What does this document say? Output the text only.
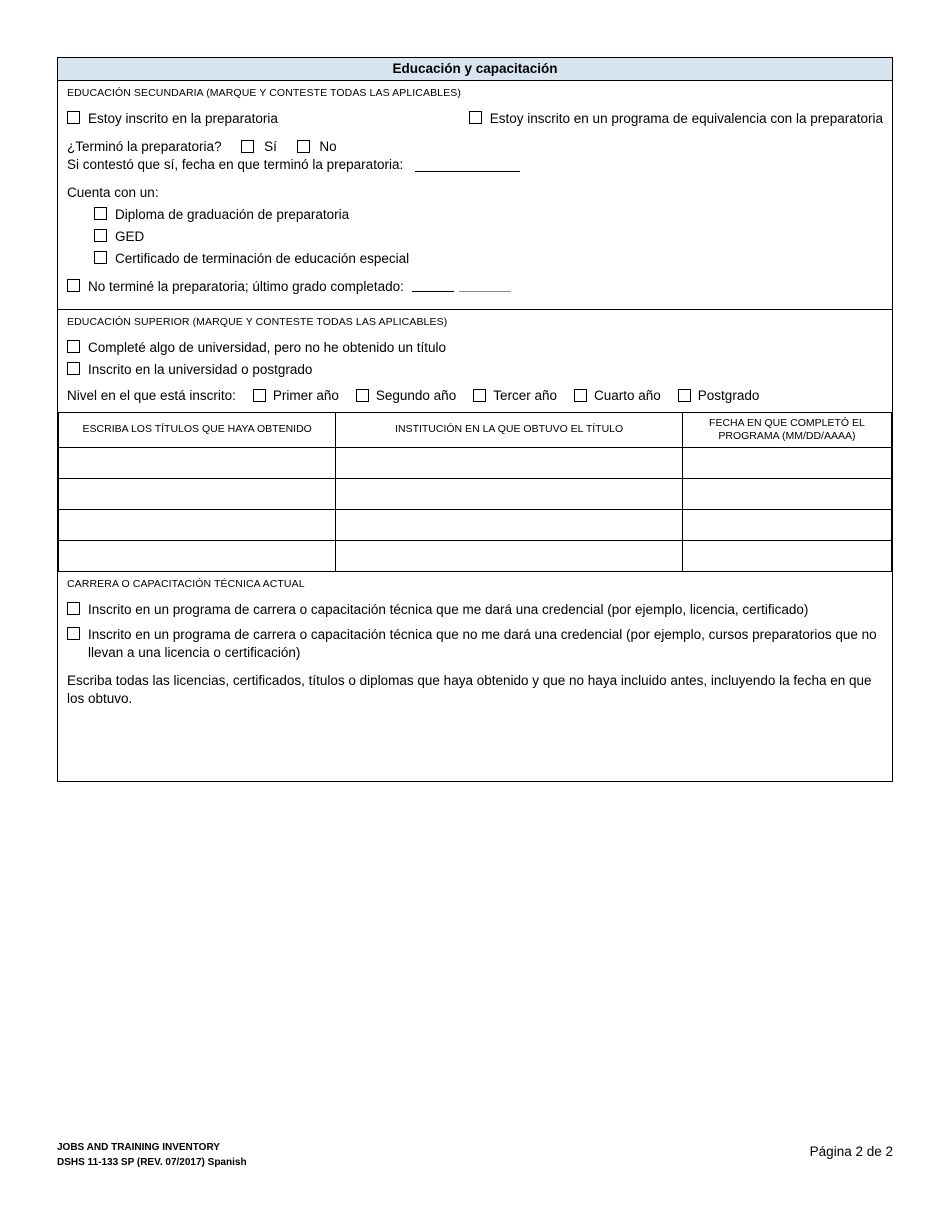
Educación y capacitación
EDUCACIÓN SECUNDARIA (MARQUE Y CONTESTE TODAS LAS APLICABLES)
Estoy inscrito en la preparatoria	Estoy inscrito en un programa de equivalencia con la preparatoria
¿Terminó la preparatoria?	Sí	No
Si contestó que sí, fecha en que terminó la preparatoria:
Cuenta con un:
Diploma de graduación de preparatoria
GED
Certificado de terminación de educación especial
No terminé la preparatoria; último grado completado:
EDUCACIÓN SUPERIOR (MARQUE Y CONTESTE TODAS LAS APLICABLES)
Completé algo de universidad, pero no he obtenido un título
Inscrito en la universidad o postgrado
Nivel en el que está inscrito:	Primer año	Segundo año	Tercer año	Cuarto año	Postgrado
ESCRIBA LOS TÍTULOS QUE HAYA OBTENIDO	INSTITUCIÓN EN LA QUE OBTUVO EL TÍTULO	FECHA EN QUE COMPLETÓ EL PROGRAMA (MM/DD/AAAA)

CARRERA O CAPACITACIÓN TÉCNICA ACTUAL
Inscrito en un programa de carrera o capacitación técnica que me dará una credencial (por ejemplo, licencia, certificado)
Inscrito en un programa de carrera o capacitación técnica que no me dará una credencial (por ejemplo, cursos preparatorios que no llevan a una licencia o certificación)
Escriba todas las licencias, certificados, títulos o diplomas que haya obtenido y que no haya incluido antes, incluyendo la fecha en que los obtuvo.
JOBS AND TRAINING INVENTORY
DSHS 11-133 SP (REV. 07/2017) Spanish
Página 2 de 2
